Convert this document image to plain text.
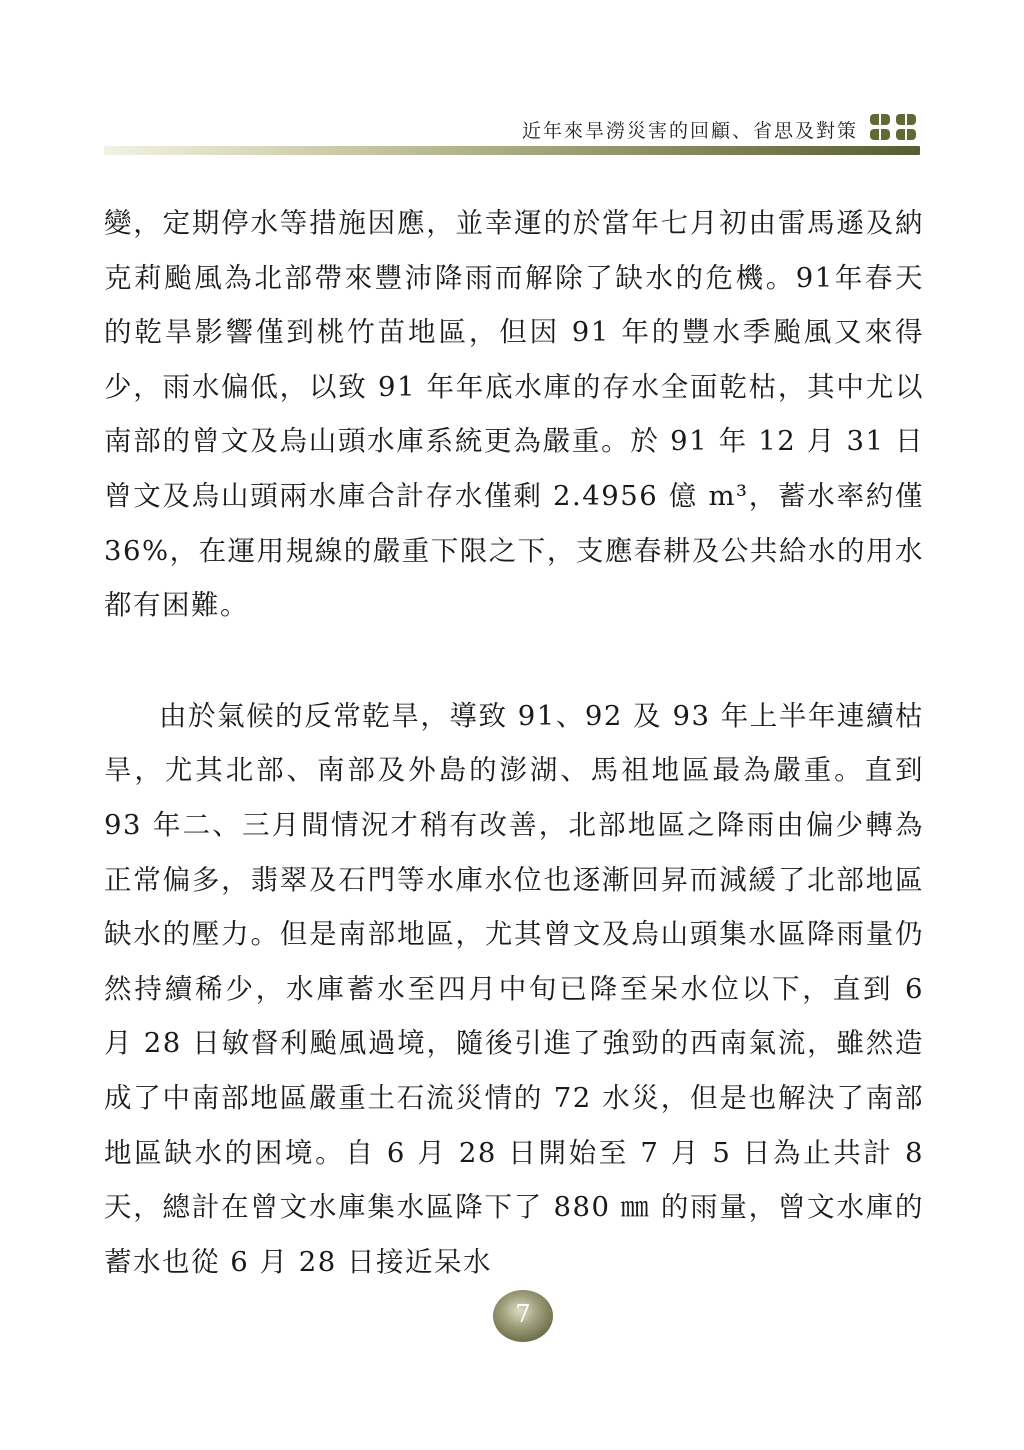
近年來旱澇災害的回顧、省思及對策

變，定期停水等措施因應，並幸運的於當年七月初由雷馬遜及納克莉颱風為北部帶來豐沛降雨而解除了缺水的危機。91年春天的乾旱影響僅到桃竹苗地區，但因 91 年的豐水季颱風又來得少，雨水偏低，以致 91 年年底水庫的存水全面乾枯，其中尤以南部的曾文及烏山頭水庫系統更為嚴重。於 91 年 12 月 31 日曾文及烏山頭兩水庫合計存水僅剩 2.4956 億 m³，蓄水率約僅 36%，在運用規線的嚴重下限之下，支應春耕及公共給水的用水都有困難。

由於氣候的反常乾旱，導致 91、92 及 93 年上半年連續枯旱，尤其北部、南部及外島的澎湖、馬祖地區最為嚴重。直到 93 年二、三月間情況才稍有改善，北部地區之降雨由偏少轉為正常偏多，翡翠及石門等水庫水位也逐漸回昇而減緩了北部地區缺水的壓力。但是南部地區，尤其曾文及烏山頭集水區降雨量仍然持續稀少，水庫蓄水至四月中旬已降至呆水位以下，直到 6 月 28 日敏督利颱風過境，隨後引進了強勁的西南氣流，雖然造成了中南部地區嚴重土石流災情的 72 水災，但是也解決了南部地區缺水的困境。自 6 月 28 日開始至 7 月 5 日為止共計 8 天，總計在曾文水庫集水區降下了 880 ㎜ 的雨量，曾文水庫的蓄水也從 6 月 28 日接近呆水

7
